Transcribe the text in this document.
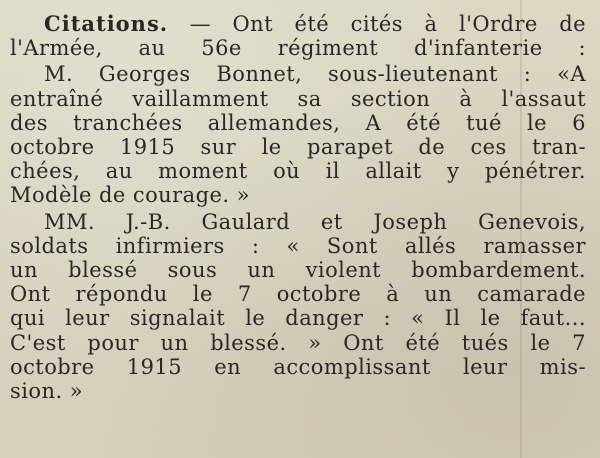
Citations. — Ont été cités à l'Ordre de
l'Armée, au 56e régiment d'infanterie :

M. Georges Bonnet, sous-lieutenant : «A
entraîné vaillamment sa section à l'assaut
des tranchées allemandes, A été tué le 6
octobre 1915 sur le parapet de ces tran-
chées, au moment où il allait y pénétrer.
Modèle de courage. »

MM. J.-B. Gaulard et Joseph Genevois,
soldats infirmiers : « Sont allés ramasser
un blessé sous un violent bombardement.
Ont répondu le 7 octobre à un camarade
qui leur signalait le danger : « Il le faut...
C'est pour un blessé. » Ont été tués le 7
octobre 1915 en accomplissant leur mis-
sion. »
